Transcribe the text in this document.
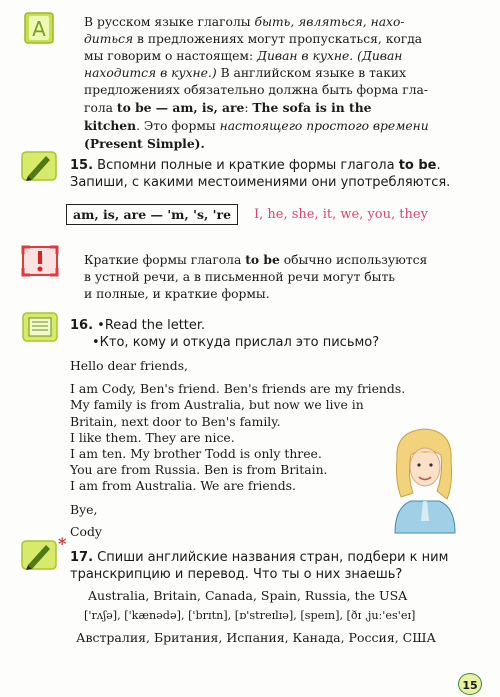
A	В русском языке глаголы быть, являться, нахо-

диться в предложениях могут пропускаться, когда

мы говорим о настоящем: Диван в кухне. (Диван

находится в кухне.) В английском языке в таких

предложениях обязательно должна быть форма гла-

гола to be — am, is, are: The sofa is in the

kitchen. Это формы настоящего простого времени

(Present Simple).

15. Вспомни полные и краткие формы глагола to be.

Запиши, с какими местоимениями они употребляются.

am, is, are — 'm, 's, 're	I, he, she, it, we, you, they

Краткие формы глагола to be обычно используются

в устной речи, а в письменной речи могут быть

и полные, и краткие формы.

16. •Read the letter.

•Кто, кому и откуда прислал это письмо?

Hello dear friends,

I am Cody, Ben's friend. Ben's friends are my friends.

My family is from Australia, but now we live in

Britain, next door to Ben's family.

I like them. They are nice.

I am ten. My brother Todd is only three.

You are from Russia. Ben is from Britain.

I am from Australia. We are friends.

Bye,

Cody

*

17. Спиши английские названия стран, подбери к ним

транскрипцию и перевод. Что ты о них знаешь?

Australia, Britain, Canada, Spain, Russia, the USA
['rʌʃə], ['kænədə], ['brɪtn], [ɒ'streɪlɪə], [speɪn], [ðɪ ˌjuː'es'eɪ]
Австралия, Британия, Испания, Канада, Россия, США
15
